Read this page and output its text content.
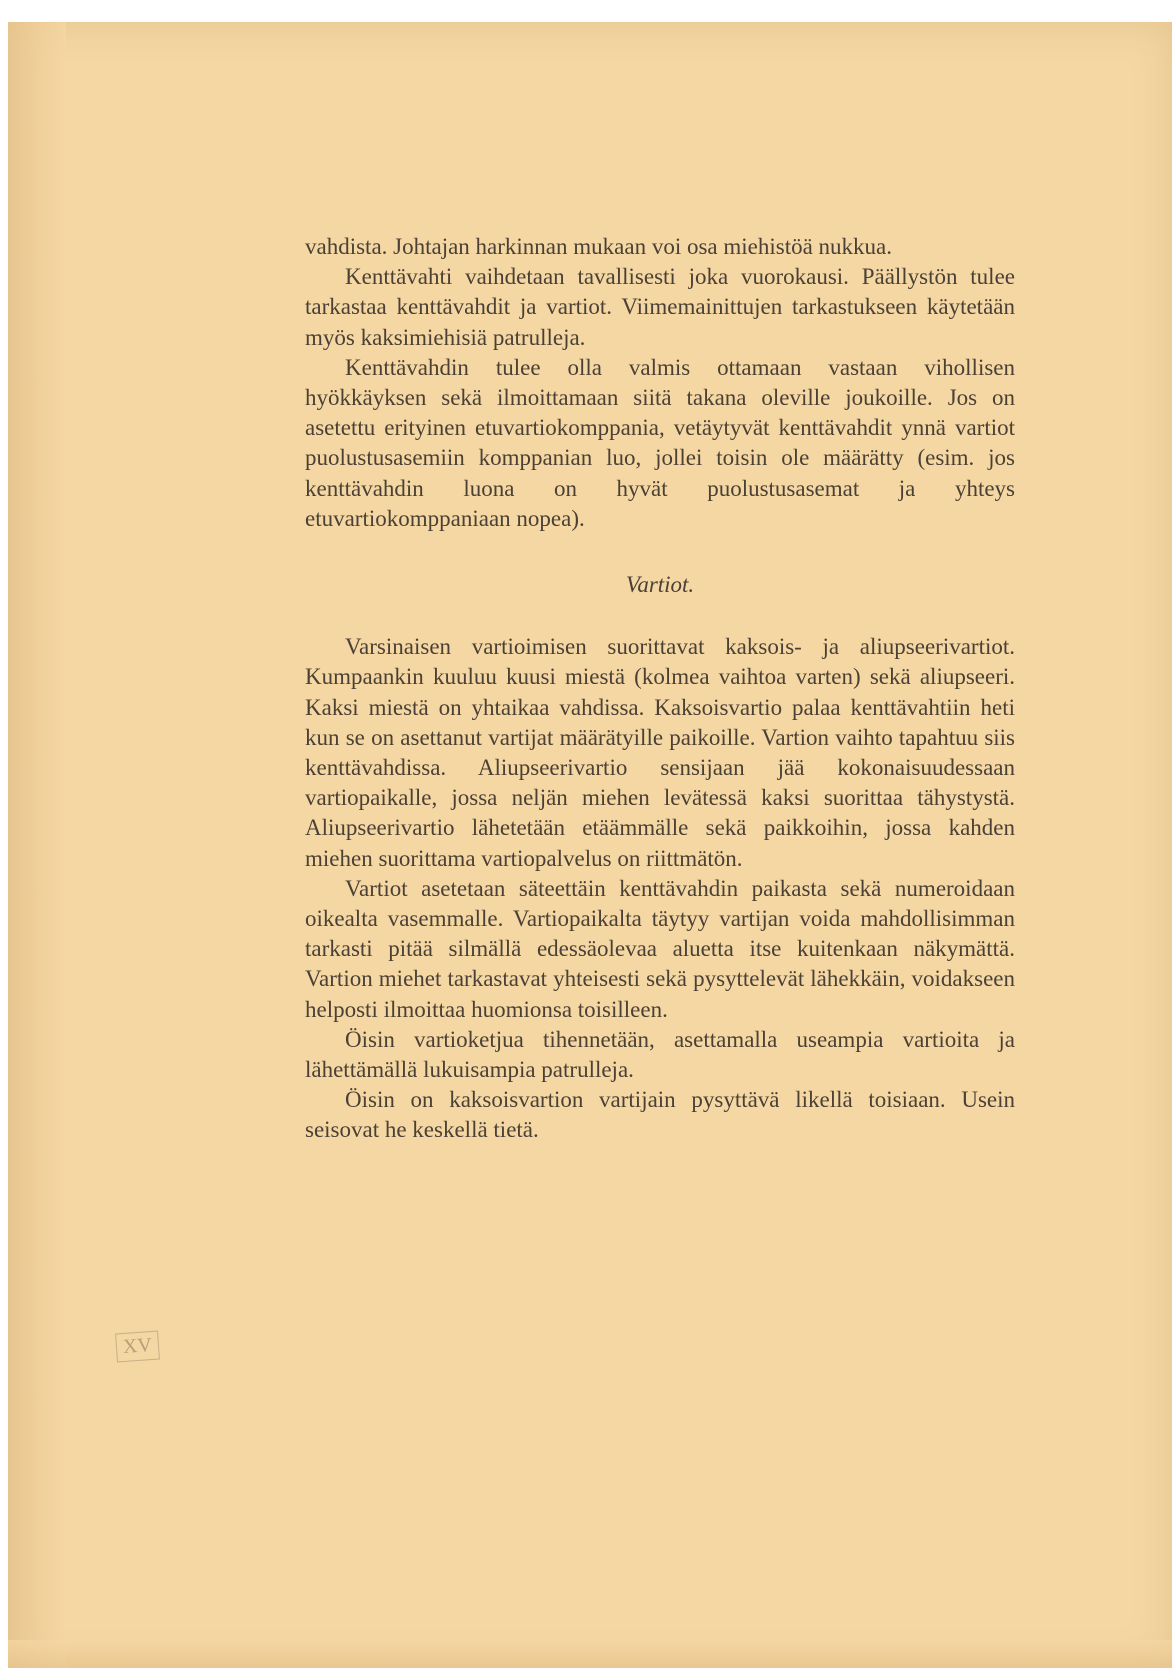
XV

vahdista. Johtajan harkinnan mukaan voi osa miehistöä nukkua.

Kenttävahti vaihdetaan tavallisesti joka vuorokausi. Päällystön tulee tarkastaa kenttävahdit ja vartiot. Viimemainittujen tarkastukseen käytetään myös kaksimiehisiä patrulleja.

Kenttävahdin tulee olla valmis ottamaan vastaan vihollisen hyökkäyksen sekä ilmoittamaan siitä takana oleville joukoille. Jos on asetettu erityinen etuvartiokomppania, vetäytyvät kenttävahdit ynnä vartiot puolustusasemiin komppanian luo, jollei toisin ole määrätty (esim. jos kenttävahdin luona on hyvät puolustusasemat ja yhteys etuvartiokomppaniaan nopea).

Vartiot.

Varsinaisen vartioimisen suorittavat kaksois- ja aliupseerivartiot. Kumpaankin kuuluu kuusi miestä (kolmea vaihtoa varten) sekä aliupseeri. Kaksi miestä on yhtaikaa vahdissa. Kaksoisvartio palaa kenttävahtiin heti kun se on asettanut vartijat määrätyille paikoille. Vartion vaihto tapahtuu siis kenttävahdissa. Aliupseerivartio sensijaan jää kokonaisuudessaan vartiopaikalle, jossa neljän miehen levätessä kaksi suorittaa tähystystä. Aliupseerivartio lähetetään etäämmälle sekä paikkoihin, jossa kahden miehen suorittama vartiopalvelus on riittmätön.

Vartiot asetetaan säteettäin kenttävahdin paikasta sekä numeroidaan oikealta vasemmalle. Vartiopaikalta täytyy vartijan voida mahdollisimman tarkasti pitää silmällä edessäolevaa aluetta itse kuitenkaan näkymättä. Vartion miehet tarkastavat yhteisesti sekä pysyttelevät lähekkäin, voidakseen helposti ilmoittaa huomionsa toisilleen.

Öisin vartioketjua tihennetään, asettamalla useampia vartioita ja lähettämällä lukuisampia patrulleja.

Öisin on kaksoisvartion vartijain pysyttävä likellä toisiaan. Usein seisovat he keskellä tietä.
